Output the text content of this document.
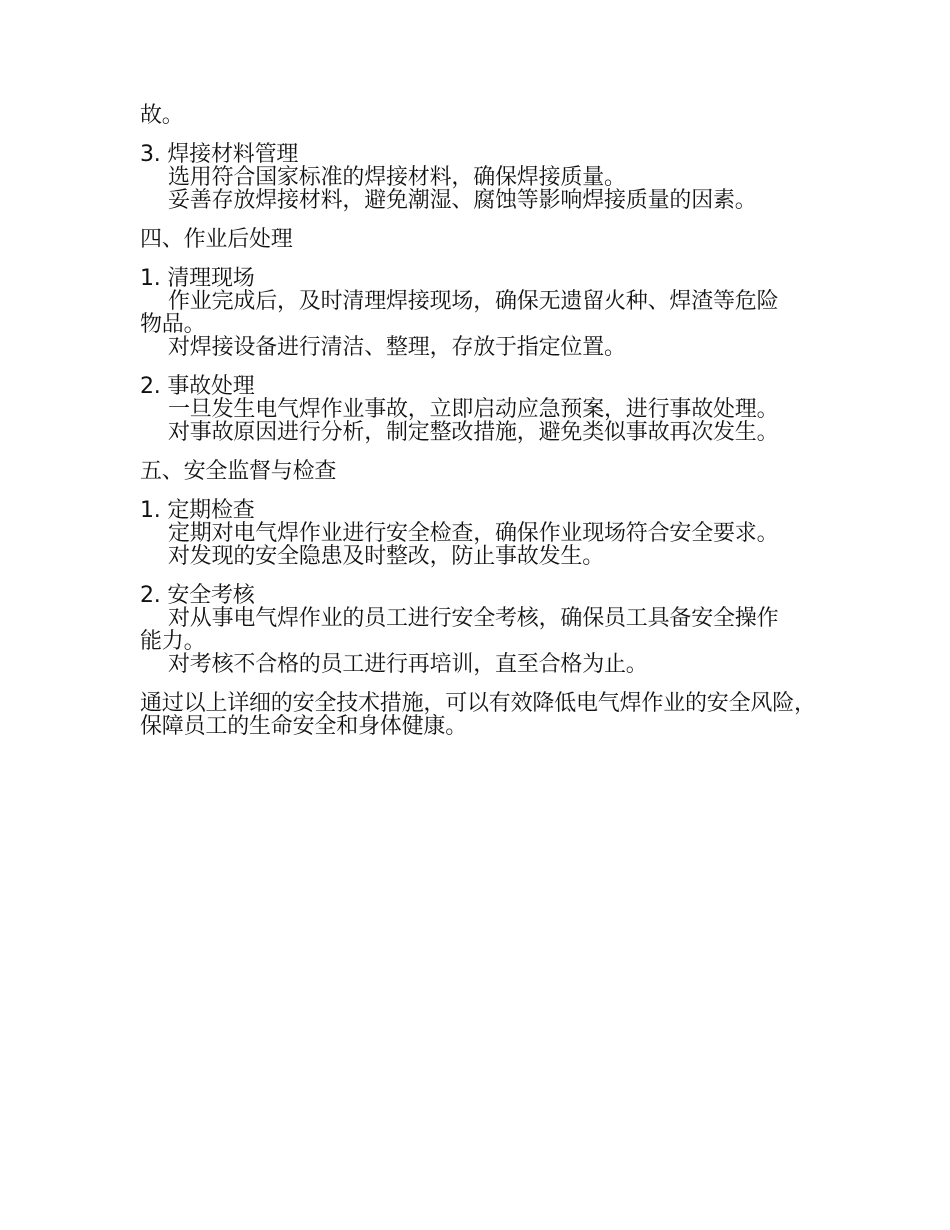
故。
3. 焊接材料管理
选用符合国家标准的焊接材料，确保焊接质量。
妥善存放焊接材料，避免潮湿、腐蚀等影响焊接质量的因素。
四、作业后处理
1. 清理现场
作业完成后，及时清理焊接现场，确保无遗留火种、焊渣等危险物品。
对焊接设备进行清洁、整理，存放于指定位置。
2. 事故处理
一旦发生电气焊作业事故，立即启动应急预案，进行事故处理。
对事故原因进行分析，制定整改措施，避免类似事故再次发生。
五、安全监督与检查
1. 定期检查
定期对电气焊作业进行安全检查，确保作业现场符合安全要求。
对发现的安全隐患及时整改，防止事故发生。
2. 安全考核
对从事电气焊作业的员工进行安全考核，确保员工具备安全操作能力。
对考核不合格的员工进行再培训，直至合格为止。
通过以上详细的安全技术措施，可以有效降低电气焊作业的安全风险，保障员工的生命安全和身体健康。
